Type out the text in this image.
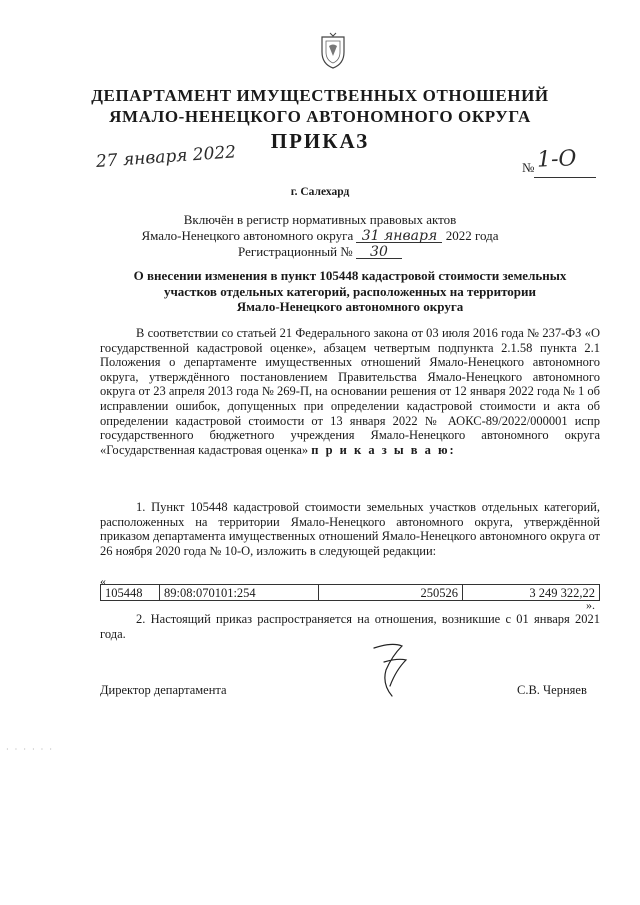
ДЕПАРТАМЕНТ ИМУЩЕСТВЕННЫХ ОТНОШЕНИЙ
ЯМАЛО-НЕНЕЦКОГО АВТОНОМНОГО ОКРУГА
ПРИКАЗ
27 января 2022	№ 1-О
г. Салехард
Включён в регистр нормативных правовых актов
Ямало-Ненецкого автономного округа 31 января 2022 года
Регистрационный № 30
О внесении изменения в пункт 105448 кадастровой стоимости земельных
участков отдельных категорий, расположенных на территории
Ямало-Ненецкого автономного округа
В соответствии со статьей 21 Федерального закона от 03 июля 2016 года № 237-ФЗ «О государственной кадастровой оценке», абзацем четвертым подпункта 2.1.58 пункта 2.1 Положения о департаменте имущественных отношений Ямало-Ненецкого автономного округа, утверждённого постановлением Правительства Ямало-Ненецкого автономного округа от 23 апреля 2013 года № 269-П, на основании решения от 12 января 2022 года № 1 об исправлении ошибок, допущенных при определении кадастровой стоимости и акта об определении кадастровой стоимости от 13 января 2022 № АОКС-89/2022/000001 испр государственного бюджетного учреждения Ямало-Ненецкого автономного округа «Государственная кадастровая оценка» п р и к а з ы в а ю:
1. Пункт 105448 кадастровой стоимости земельных участков отдельных категорий, расположенных на территории Ямало-Ненецкого автономного округа, утверждённой приказом департамента имущественных отношений Ямало-Ненецкого автономного округа от 26 ноября 2020 года № 10-О, изложить в следующей редакции:
«
105448	89:08:070101:254	250526	3 249 322,22
».
2. Настоящий приказ распространяется на отношения, возникшие с 01 января 2021 года.
Директор департамента	С.В. Черняев
· · · · · ·
